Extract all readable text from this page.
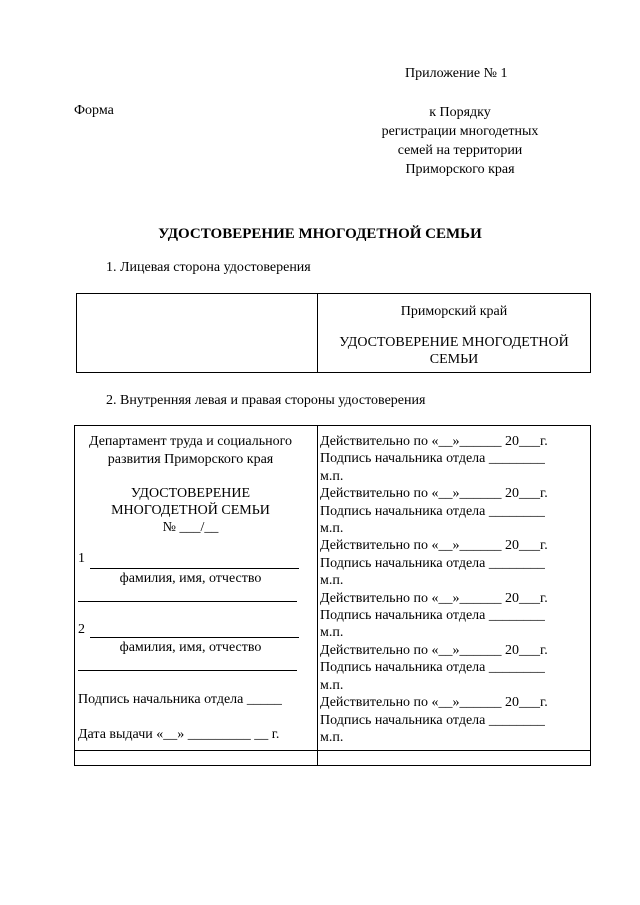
Приложение № 1
Форма	к Порядку
регистрации многодетных
семей на территории
Приморского края
УДОСТОВЕРЕНИЕ МНОГОДЕТНОЙ СЕМЬИ
1. Лицевая сторона удостоверения
Приморский край
УДОСТОВЕРЕНИЕ МНОГОДЕТНОЙ
СЕМЬИ
2. Внутренняя левая и правая стороны удостоверения
Департамент труда и социального
развития Приморского края
УДОСТОВЕРЕНИЕ
МНОГОДЕТНОЙ СЕМЬИ
№ ___/__
1
фамилия, имя, отчество
2
фамилия, имя, отчество
Подпись начальника отдела _____
Дата выдачи «__» _________ __ г.
Действительно по «__»______ 20___г.
Подпись начальника отдела ________
м.п.
Действительно по «__»______ 20___г.
Подпись начальника отдела ________
м.п.
Действительно по «__»______ 20___г.
Подпись начальника отдела ________
м.п.
Действительно по «__»______ 20___г.
Подпись начальника отдела ________
м.п.
Действительно по «__»______ 20___г.
Подпись начальника отдела ________
м.п.
Действительно по «__»______ 20___г.
Подпись начальника отдела ________
м.п.
